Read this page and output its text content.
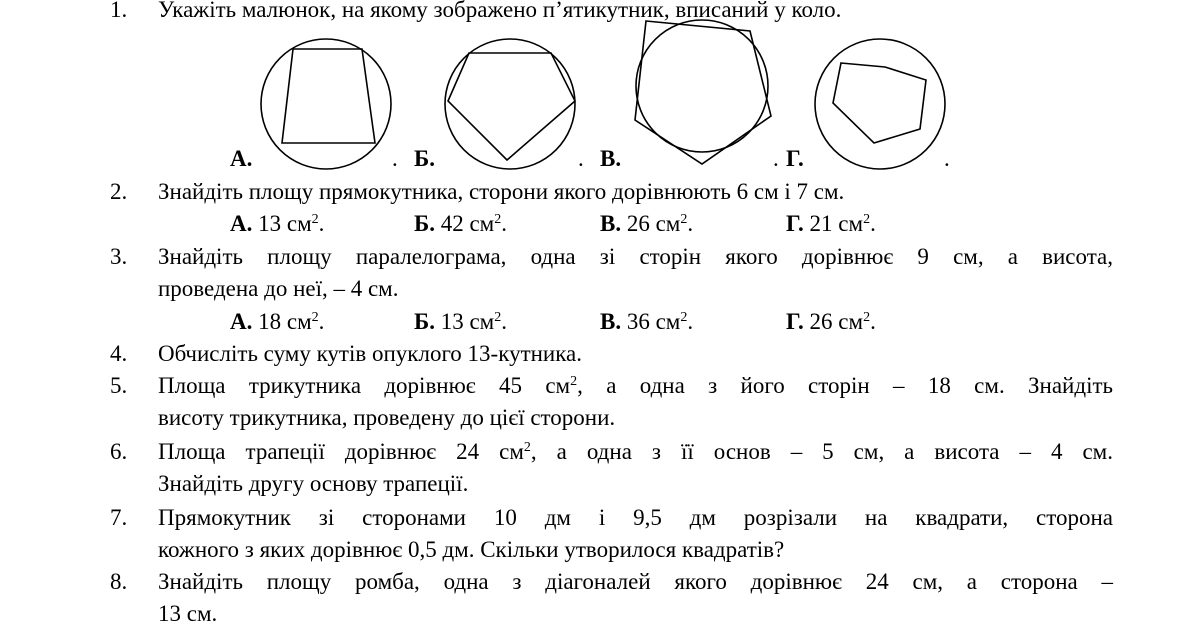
А.	. Б.	. В.	. Г.	.
1.	Укажіть малюнок, на якому зображено п’ятикутник, вписаний у коло.
2.	Знайдіть площу прямокутника, сторони якого дорівнюють 6 см і 7 см.
А. 13 $см^2$.	Б. 42 $см^2$.	В. 26 $см^2$.	Г. 21 $см^2$.
3.	Знайдіть площу паралелограма, одна зі сторін якого дорівнює 9 см, а висота,
проведена до неї, – 4 см.
А. 18 $см^2$.	Б. 13 $см^2$.	В. 36 $см^2$.	Г. 26 $см^2$.
4.	Обчисліть суму кутів опуклого 13-кутника.
5.	Площа трикутника дорівнює 45 $см^2$, а одна з його сторін – 18 см. Знайдіть
висоту трикутника, проведену до цієї сторони.
6.	Площа трапеції дорівнює 24 $см^2$, а одна з її основ – 5 см, а висота – 4 см.
Знайдіть другу основу трапеції.
7.	Прямокутник зі сторонами 10 дм і 9,5 дм розрізали на квадрати, сторона
кожного з яких дорівнює 0,5 дм. Скільки утворилося квадратів?
8.	Знайдіть площу ромба, одна з діагоналей якого дорівнює 24 см, а сторона –
13 см.
